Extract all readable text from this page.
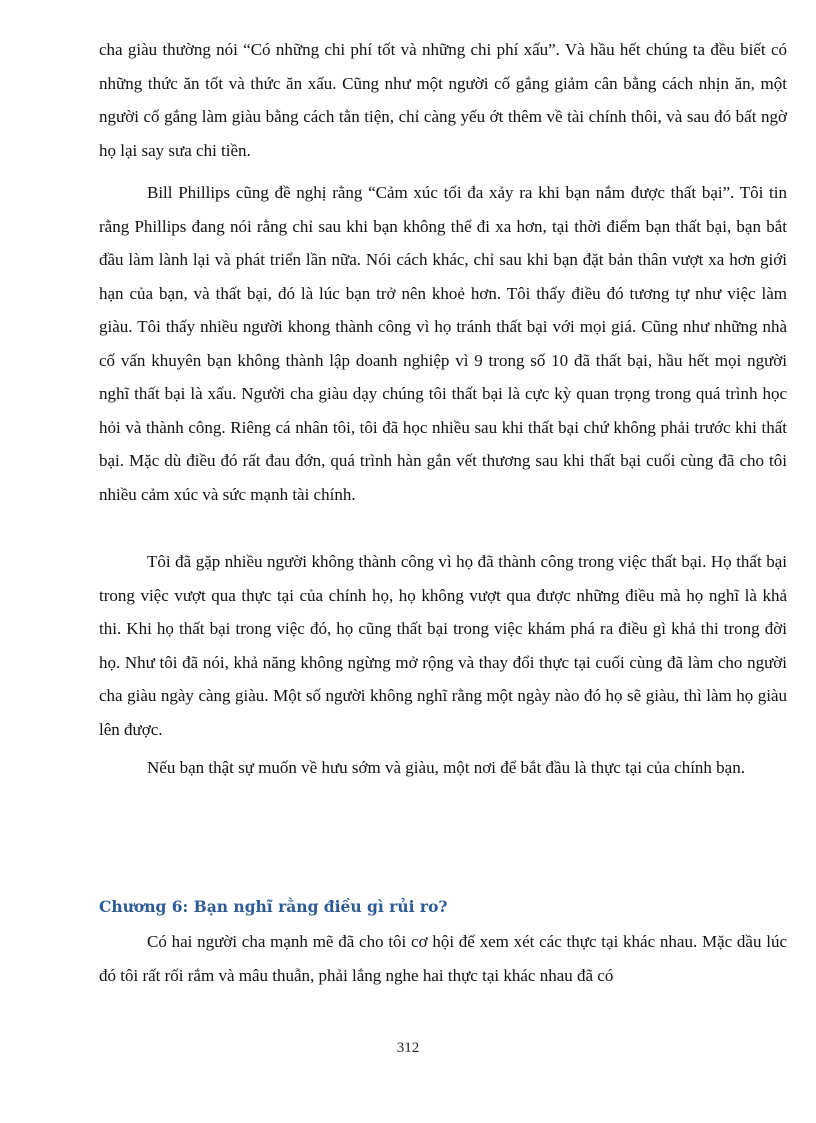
cha giàu thường nói “Có những chi phí tốt và những chi phí xấu”. Và hầu hết chúng ta đều biết có những thức ăn tốt và thức ăn xấu. Cũng như một người cố gắng giảm cân bằng cách nhịn ăn, một người cố gắng làm giàu bằng cách tằn tiện, chỉ càng yếu ớt thêm về tài chính thôi, và sau đó bất ngờ họ lại say sưa chi tiền.

Bill Phillips cũng đề nghị rằng “Cảm xúc tối đa xảy ra khi bạn nắm được thất bại”. Tôi tin rằng Phillips đang nói rằng chỉ sau khi bạn không thể đi xa hơn, tại thời điểm bạn thất bại, bạn bắt đầu làm lành lại và phát triển lần nữa. Nói cách khác, chỉ sau khi bạn đặt bản thân vượt xa hơn giới hạn của bạn, và thất bại, đó là lúc bạn trở nên khoẻ hơn. Tôi thấy điều đó tương tự như việc làm giàu. Tôi thấy nhiều người khong thành công vì họ tránh thất bại với mọi giá. Cũng như những nhà cố vấn khuyên bạn không thành lập doanh nghiệp vì 9 trong số 10 đã thất bại, hầu hết mọi người nghĩ thất bại là xấu. Người cha giàu dạy chúng tôi thất bại là cực kỳ quan trọng trong quá trình học hỏi và thành công. Riêng cá nhân tôi, tôi đã học nhiều sau khi thất bại chứ không phải trước khi thất bại. Mặc dù điều đó rất đau đớn, quá trình hàn gắn vết thương sau khi thất bại cuối cùng đã cho tôi nhiều cảm xúc và sức mạnh tài chính.

Tôi đã gặp nhiều người không thành công vì họ đã thành công trong việc thất bại. Họ thất bại trong việc vượt qua thực tại của chính họ, họ không vượt qua được những điều mà họ nghĩ là khả thi. Khi họ thất bại trong việc đó, họ cũng thất bại trong việc khám phá ra điều gì khả thi trong đời họ. Như tôi đã nói, khả năng không ngừng mở rộng và thay đổi thực tại cuối cùng đã làm cho người cha giàu ngày càng giàu. Một số người không nghĩ rằng một ngày nào đó họ sẽ giàu, thì làm họ giàu lên được.

Nếu bạn thật sự muốn về hưu sớm và giàu, một nơi để bắt đầu là thực tại của chính bạn.

Chương 6: Bạn nghĩ rằng điều gì rủi ro?

Có hai người cha mạnh mẽ đã cho tôi cơ hội để xem xét các thực tại khác nhau. Mặc dầu lúc đó tôi rất rối rắm và mâu thuẫn, phải lắng nghe hai thực tại khác nhau đã có

312
